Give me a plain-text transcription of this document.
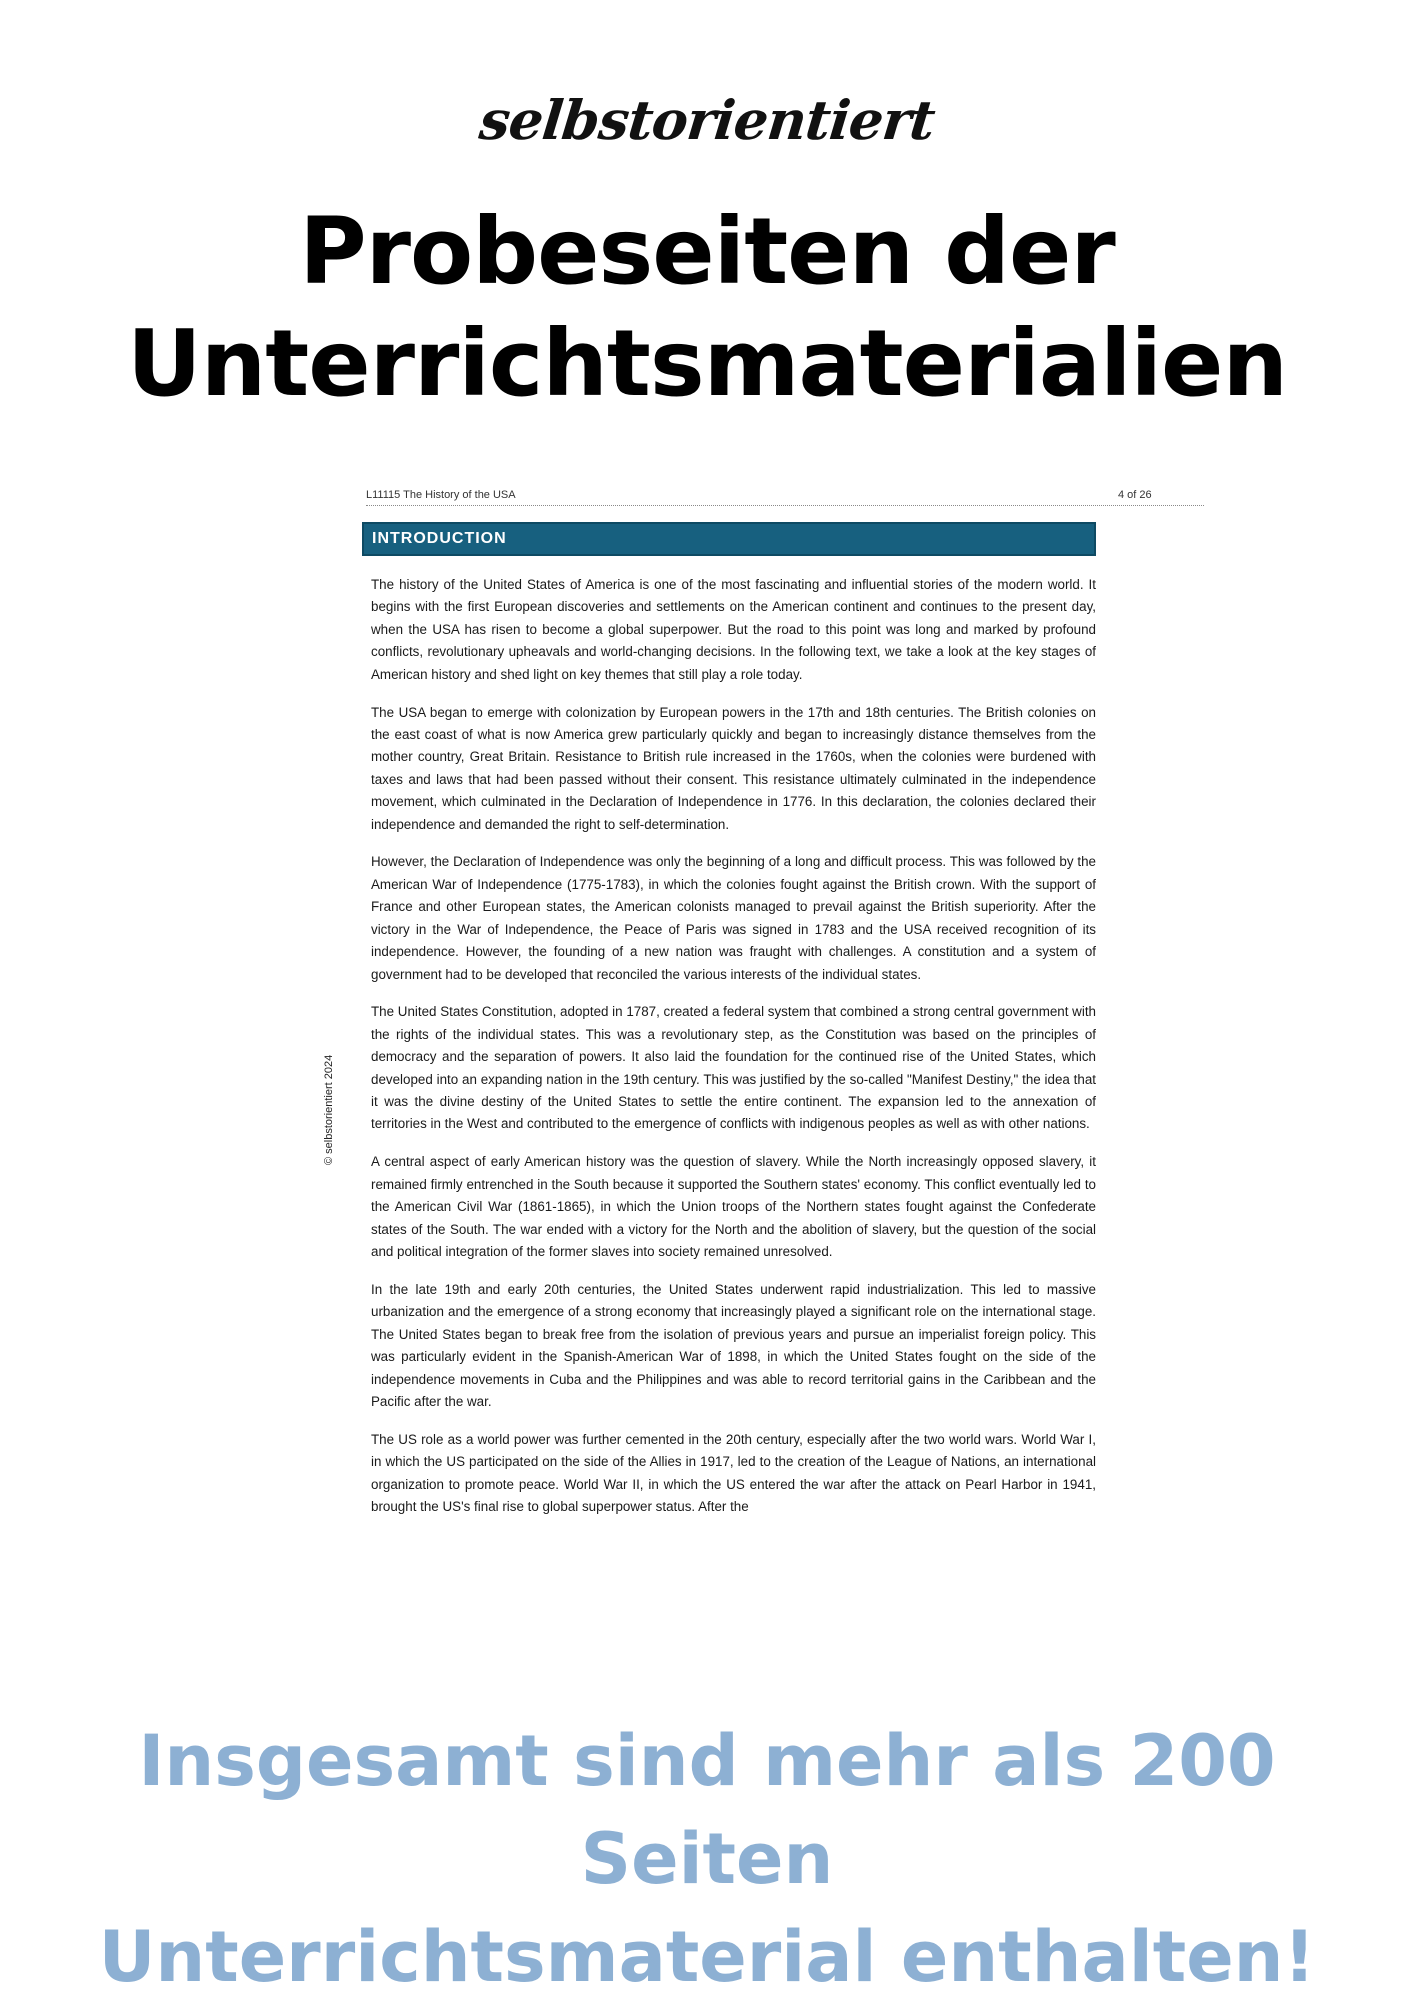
selbstorientiert
Probeseiten der
Unterrichtsmaterialien
L11115 The History of the USA	4 of 26
INTRODUCTION

The history of the United States of America is one of the most fascinating and influential stories of the modern world. It begins with the first European discoveries and settlements on the American continent and continues to the present day, when the USA has risen to become a global superpower. But the road to this point was long and marked by profound conflicts, revolutionary upheavals and world-changing decisions. In the following text, we take a look at the key stages of American history and shed light on key themes that still play a role today.

The USA began to emerge with colonization by European powers in the 17th and 18th centuries. The British colonies on the east coast of what is now America grew particularly quickly and began to increasingly distance themselves from the mother country, Great Britain. Resistance to British rule increased in the 1760s, when the colonies were burdened with taxes and laws that had been passed without their consent. This resistance ultimately culminated in the independence movement, which culminated in the Declaration of Independence in 1776. In this declaration, the colonies declared their independence and demanded the right to self-determination.

However, the Declaration of Independence was only the beginning of a long and difficult process. This was followed by the American War of Independence (1775-1783), in which the colonies fought against the British crown. With the support of France and other European states, the American colonists managed to prevail against the British superiority. After the victory in the War of Independence, the Peace of Paris was signed in 1783 and the USA received recognition of its independence. However, the founding of a new nation was fraught with challenges. A constitution and a system of government had to be developed that reconciled the various interests of the individual states.

The United States Constitution, adopted in 1787, created a federal system that combined a strong central government with the rights of the individual states. This was a revolutionary step, as the Constitution was based on the principles of democracy and the separation of powers. It also laid the foundation for the continued rise of the United States, which developed into an expanding nation in the 19th century. This was justified by the so-called "Manifest Destiny," the idea that it was the divine destiny of the United States to settle the entire continent. The expansion led to the annexation of territories in the West and contributed to the emergence of conflicts with indigenous peoples as well as with other nations.

A central aspect of early American history was the question of slavery. While the North increasingly opposed slavery, it remained firmly entrenched in the South because it supported the Southern states' economy. This conflict eventually led to the American Civil War (1861-1865), in which the Union troops of the Northern states fought against the Confederate states of the South. The war ended with a victory for the North and the abolition of slavery, but the question of the social and political integration of the former slaves into society remained unresolved.

In the late 19th and early 20th centuries, the United States underwent rapid industrialization. This led to massive urbanization and the emergence of a strong economy that increasingly played a significant role on the international stage. The United States began to break free from the isolation of previous years and pursue an imperialist foreign policy. This was particularly evident in the Spanish-American War of 1898, in which the United States fought on the side of the independence movements in Cuba and the Philippines and was able to record territorial gains in the Caribbean and the Pacific after the war.

The US role as a world power was further cemented in the 20th century, especially after the two world wars. World War I, in which the US participated on the side of the Allies in 1917, led to the creation of the League of Nations, an international organization to promote peace. World War II, in which the US entered the war after the attack on Pearl Harbor in 1941, brought the US's final rise to global superpower status. After the

© selbstorientiert 2024
Insgesamt sind mehr als 200 Seiten
Unterrichtsmaterial enthalten!
